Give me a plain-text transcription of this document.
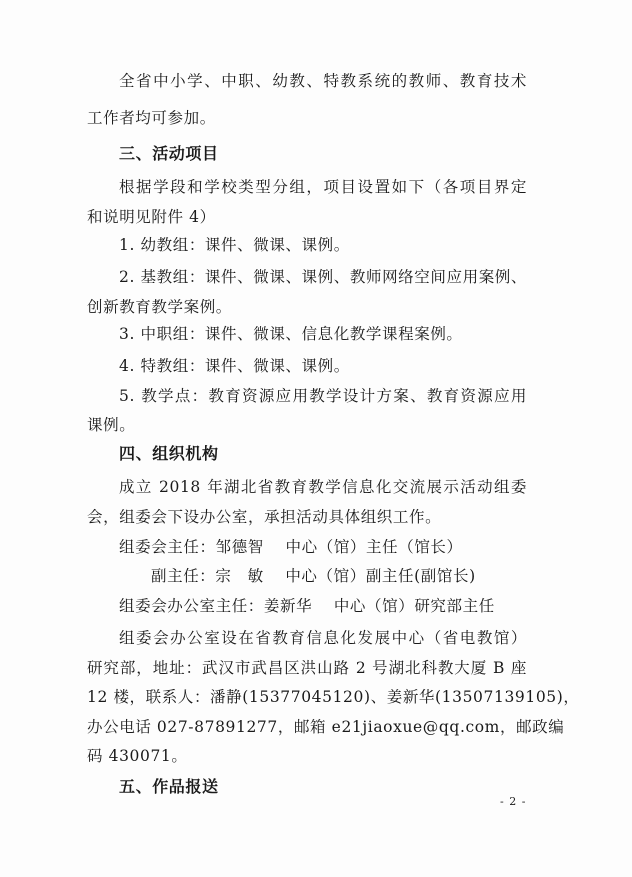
全省中小学、中职、幼教、特教系统的教师、教育技术
工作者均可参加。
三、活动项目
根据学段和学校类型分组，项目设置如下（各项目界定
和说明见附件 4）
1. 幼教组：课件、微课、课例。
2. 基教组：课件、微课、课例、教师网络空间应用案例、
创新教育教学案例。
3. 中职组：课件、微课、信息化教学课程案例。
4. 特教组：课件、微课、课例。
5. 教学点：教育资源应用教学设计方案、教育资源应用
课例。
四、组织机构
成立 2018 年湖北省教育教学信息化交流展示活动组委
会，组委会下设办公室，承担活动具体组织工作。
组委会主任：邹德智　 中心（馆）主任（馆长）
副主任：宗　敏　 中心（馆）副主任(副馆长)
组委会办公室主任：姜新华　 中心（馆）研究部主任
组委会办公室设在省教育信息化发展中心（省电教馆）
研究部，地址：武汉市武昌区洪山路 2 号湖北科教大厦 B 座
12 楼，联系人：潘静(15377045120)、姜新华(13507139105)，
办公电话 027-87891277，邮箱 e21jiaoxue@qq.com，邮政编
码 430071。
五、作品报送
- 2 -
